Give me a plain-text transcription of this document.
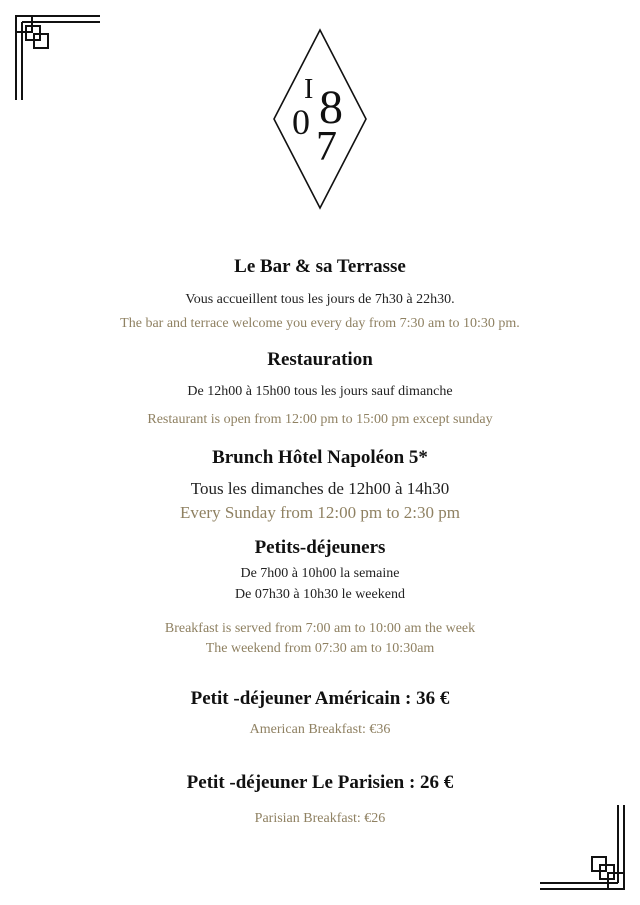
I 8
0
7
Le Bar & sa Terrasse
Vous accueillent tous les jours de 7h30 à 22h30.
The bar and terrace welcome you every day from 7:30 am to 10:30 pm.
Restauration
De 12h00 à 15h00 tous les jours sauf dimanche
Restaurant is open from 12:00 pm to 15:00 pm except sunday
Brunch Hôtel Napoléon 5*
Tous les dimanches de 12h00 à 14h30
Every Sunday from 12:00 pm to 2:30 pm
Petits-déjeuners
De 7h00 à 10h00 la semaine
De 07h30 à 10h30 le weekend
Breakfast is served from 7:00 am to 10:00 am the week
The weekend from 07:30 am to 10:30am
Petit -déjeuner Américain : 36 €
American Breakfast: €36
Petit -déjeuner Le Parisien : 26 €
Parisian Breakfast: €26
